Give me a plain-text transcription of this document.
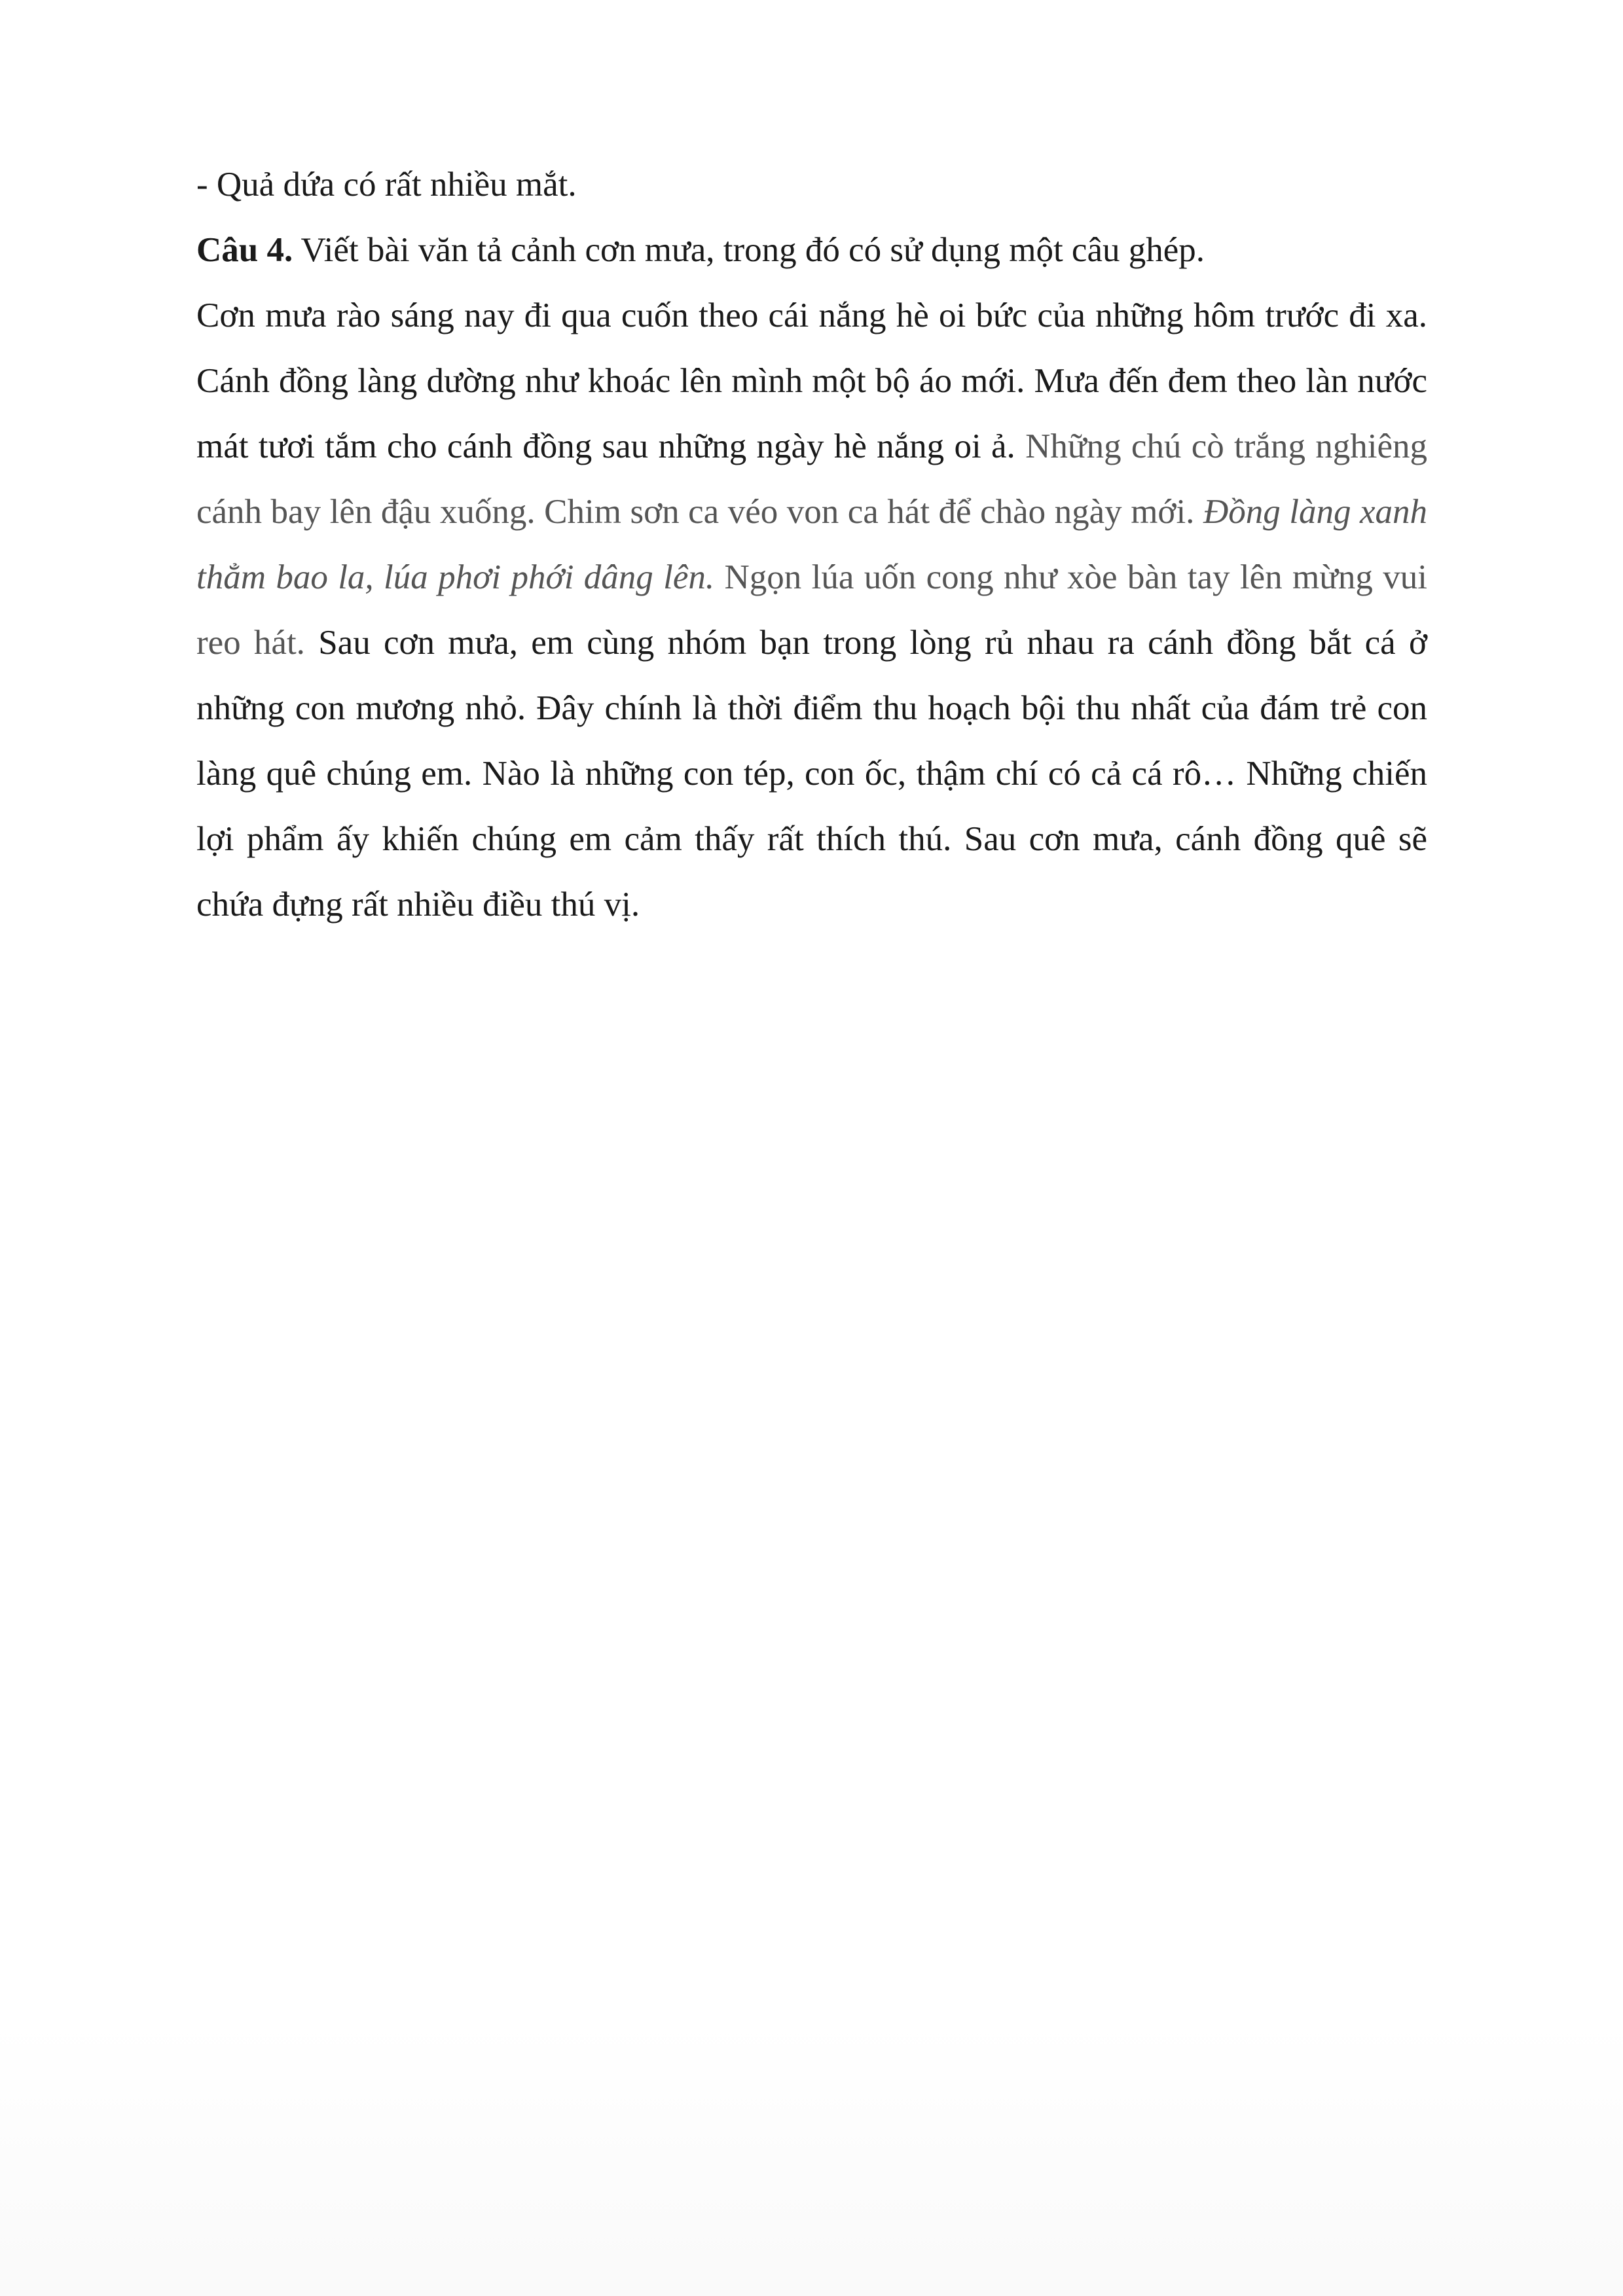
- Quả dứa có rất nhiều mắt.

Câu 4. Viết bài văn tả cảnh cơn mưa, trong đó có sử dụng một câu ghép.

Cơn mưa rào sáng nay đi qua cuốn theo cái nắng hè oi bức của những hôm trước đi xa. Cánh đồng làng dường như khoác lên mình một bộ áo mới. Mưa đến đem theo làn nước mát tươi tắm cho cánh đồng sau những ngày hè nắng oi ả. Những chú cò trắng nghiêng cánh bay lên đậu xuống. Chim sơn ca véo von ca hát để chào ngày mới. Đồng làng xanh thẳm bao la, lúa phơi phới dâng lên. Ngọn lúa uốn cong như xòe bàn tay lên mừng vui reo hát. Sau cơn mưa, em cùng nhóm bạn trong lòng rủ nhau ra cánh đồng bắt cá ở những con mương nhỏ. Đây chính là thời điểm thu hoạch bội thu nhất của đám trẻ con làng quê chúng em. Nào là những con tép, con ốc, thậm chí có cả cá rô… Những chiến lợi phẩm ấy khiến chúng em cảm thấy rất thích thú. Sau cơn mưa, cánh đồng quê sẽ chứa đựng rất nhiều điều thú vị.
